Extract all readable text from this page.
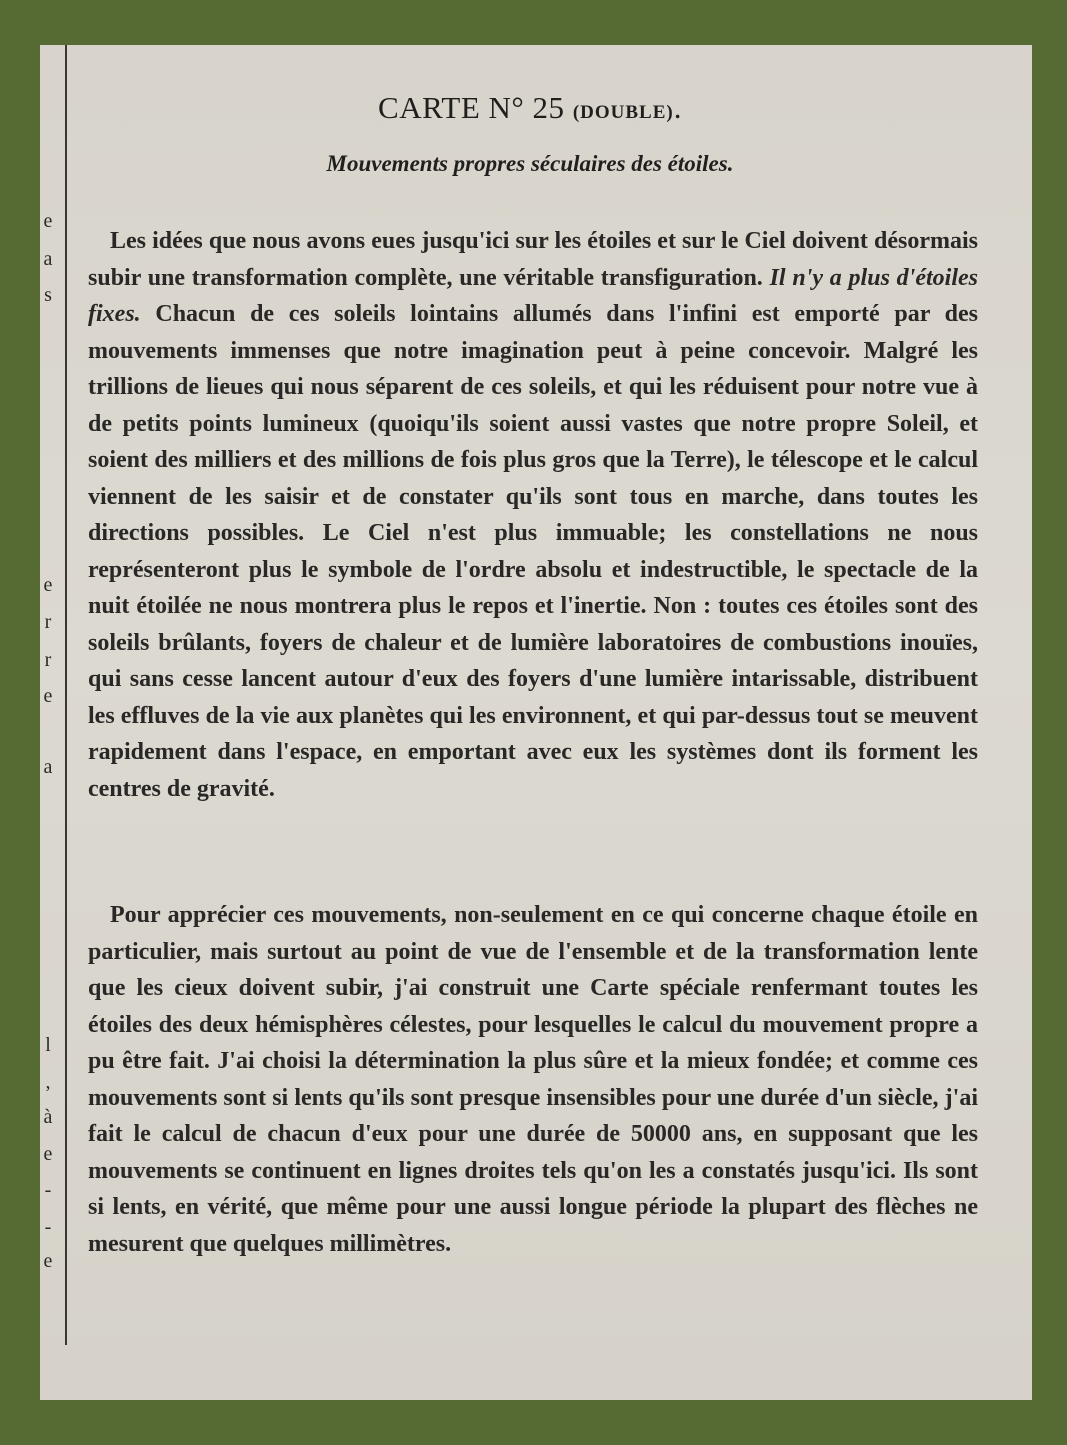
e
a
s
e
r
r
e
a
l
,
à
e
-
-
e
CARTE N° 25 (DOUBLE).
Mouvements propres séculaires des étoiles.

Les idées que nous avons eues jusqu'ici sur les étoiles et sur le Ciel doivent désormais subir une transformation complète, une véritable transfiguration. Il n'y a plus d'étoiles fixes. Chacun de ces soleils lointains allumés dans l'infini est emporté par des mouvements immenses que notre imagination peut à peine concevoir. Malgré les trillions de lieues qui nous séparent de ces soleils, et qui les réduisent pour notre vue à de petits points lumineux (quoiqu'ils soient aussi vastes que notre propre Soleil, et soient des milliers et des millions de fois plus gros que la Terre), le télescope et le calcul viennent de les saisir et de constater qu'ils sont tous en marche, dans toutes les directions possibles. Le Ciel n'est plus immuable; les constellations ne nous représenteront plus le symbole de l'ordre absolu et indestructible, le spectacle de la nuit étoilée ne nous montrera plus le repos et l'inertie. Non : toutes ces étoiles sont des soleils brûlants, foyers de chaleur et de lumière laboratoires de combustions inouïes, qui sans cesse lancent autour d'eux des foyers d'une lumière intarissable, distribuent les effluves de la vie aux planètes qui les environnent, et qui par-dessus tout se meuvent rapidement dans l'espace, en emportant avec eux les systèmes dont ils forment les centres de gravité.

Pour apprécier ces mouvements, non-seulement en ce qui concerne chaque étoile en particulier, mais surtout au point de vue de l'ensemble et de la transformation lente que les cieux doivent subir, j'ai construit une Carte spéciale renfermant toutes les étoiles des deux hémisphères célestes, pour lesquelles le calcul du mouvement propre a pu être fait. J'ai choisi la détermination la plus sûre et la mieux fondée; et comme ces mouvements sont si lents qu'ils sont presque insensibles pour une durée d'un siècle, j'ai fait le calcul de chacun d'eux pour une durée de 50000 ans, en supposant que les mouvements se continuent en lignes droites tels qu'on les a constatés jusqu'ici. Ils sont si lents, en vérité, que même pour une aussi longue période la plupart des flèches ne mesurent que quelques millimètres.
